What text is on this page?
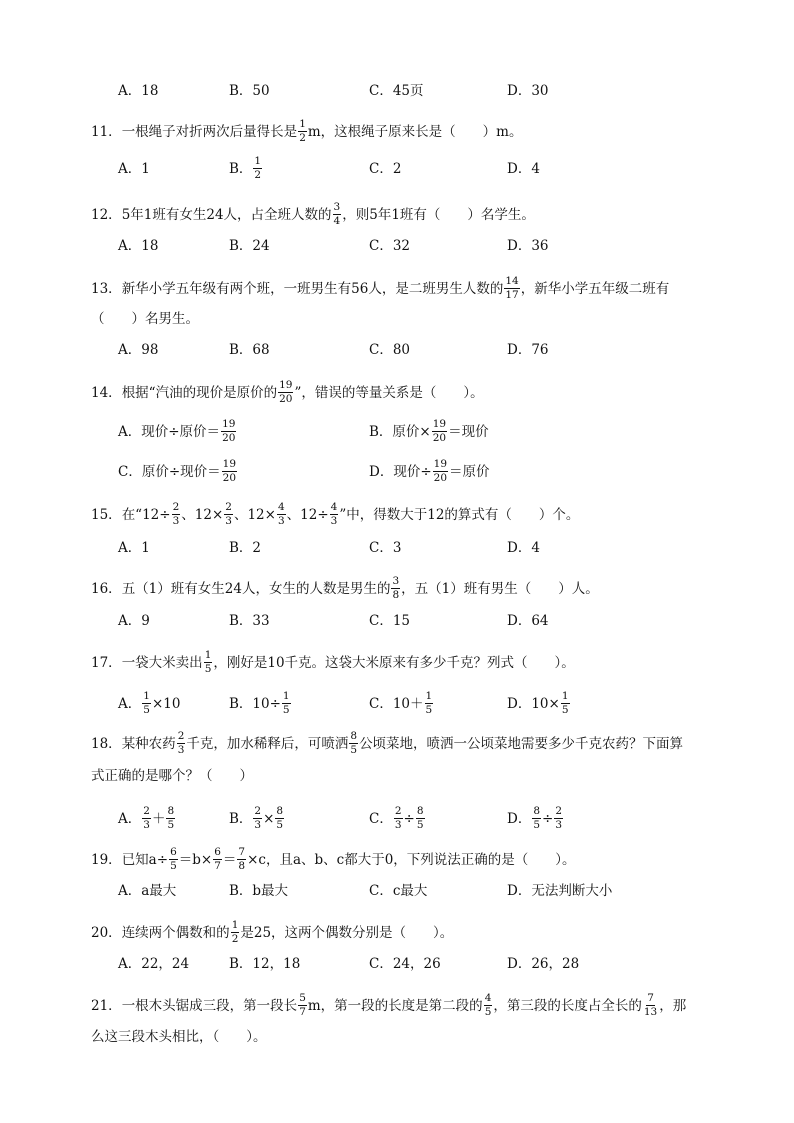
A．18	B．50	C．45页	D．30
11．一根绳子对折两次后量得长是 $\frac{1}{2}$ m，这根绳子原来长是（　　）m。
A．1	B． $\frac{1}{2}$	C．2	D．4
12．5年1班有女生24人，占全班人数的 $\frac{3}{4}$ ，则5年1班有（　　）名学生。
A．18	B．24	C．32	D．36
13．新华小学五年级有两个班，一班男生有56人，是二班男生人数的 $\frac{14}{17}$ ，新华小学五年级二班有
（　　）名男生。
A．98	B．68	C．80	D．76
14．根据“汽油的现价是原价的 $\frac{19}{20}$ ”，错误的等量关系是（　　）。
A．现价÷原价＝ $\frac{19}{20}$	B．原价× $\frac{19}{20}$ ＝现价
C．原价÷现价＝ $\frac{19}{20}$	D．现价÷ $\frac{19}{20}$ ＝原价
15．在“$12\div \frac{2}{3}$ 、$12\times \frac{2}{3}$ 、$12\times \frac{4}{3}$ 、$12\div \frac{4}{3}$ ”中，得数大于12的算式有（　　）个。
A．1	B．2	C．3	D．4
16．五（1）班有女生24人，女生的人数是男生的 $\frac{3}{8}$ ，五（1）班有男生（　　）人。
A．9	B．33	C．15	D．64
17．一袋大米卖出 $\frac{1}{5}$ ，刚好是10千克。这袋大米原来有多少千克？列式（　　）。
A． $\frac{1}{5} \times 10$	B．$10\div \frac{1}{5}$	C．$10+ \frac{1}{5}$	D．$10\times \frac{1}{5}$
18．某种农药 $\frac{2}{3}$ 千克，加水稀释后，可喷洒 $\frac{8}{5}$ 公顷菜地，喷洒一公顷菜地需要多少千克农药？下面算
式正确的是哪个？（　　）
A． $\frac{2}{3} + \frac{8}{5}$	B． $\frac{2}{3} \times \frac{8}{5}$	C． $\frac{2}{3} \div \frac{8}{5}$	D． $\frac{8}{5} \div \frac{2}{3}$
19．已知$a\div \frac{6}{5} =b\times \frac{6}{7} = \frac{7}{8} \times c$，且a、b、c都大于0，下列说法正确的是（　　）。
A．a最大	B．b最大	C．c最大	D．无法判断大小
20．连续两个偶数和的 $\frac{1}{2}$ 是25，这两个偶数分别是（　　）。
A．22，24	B．12，18	C．24，26	D．26，28
21．一根木头锯成三段，第一段长 $\frac{5}{7}$ m，第一段的长度是第二段的 $\frac{4}{5}$ ，第三段的长度占全长的 $\frac{7}{13}$ ，那
么这三段木头相比，（　　）。
